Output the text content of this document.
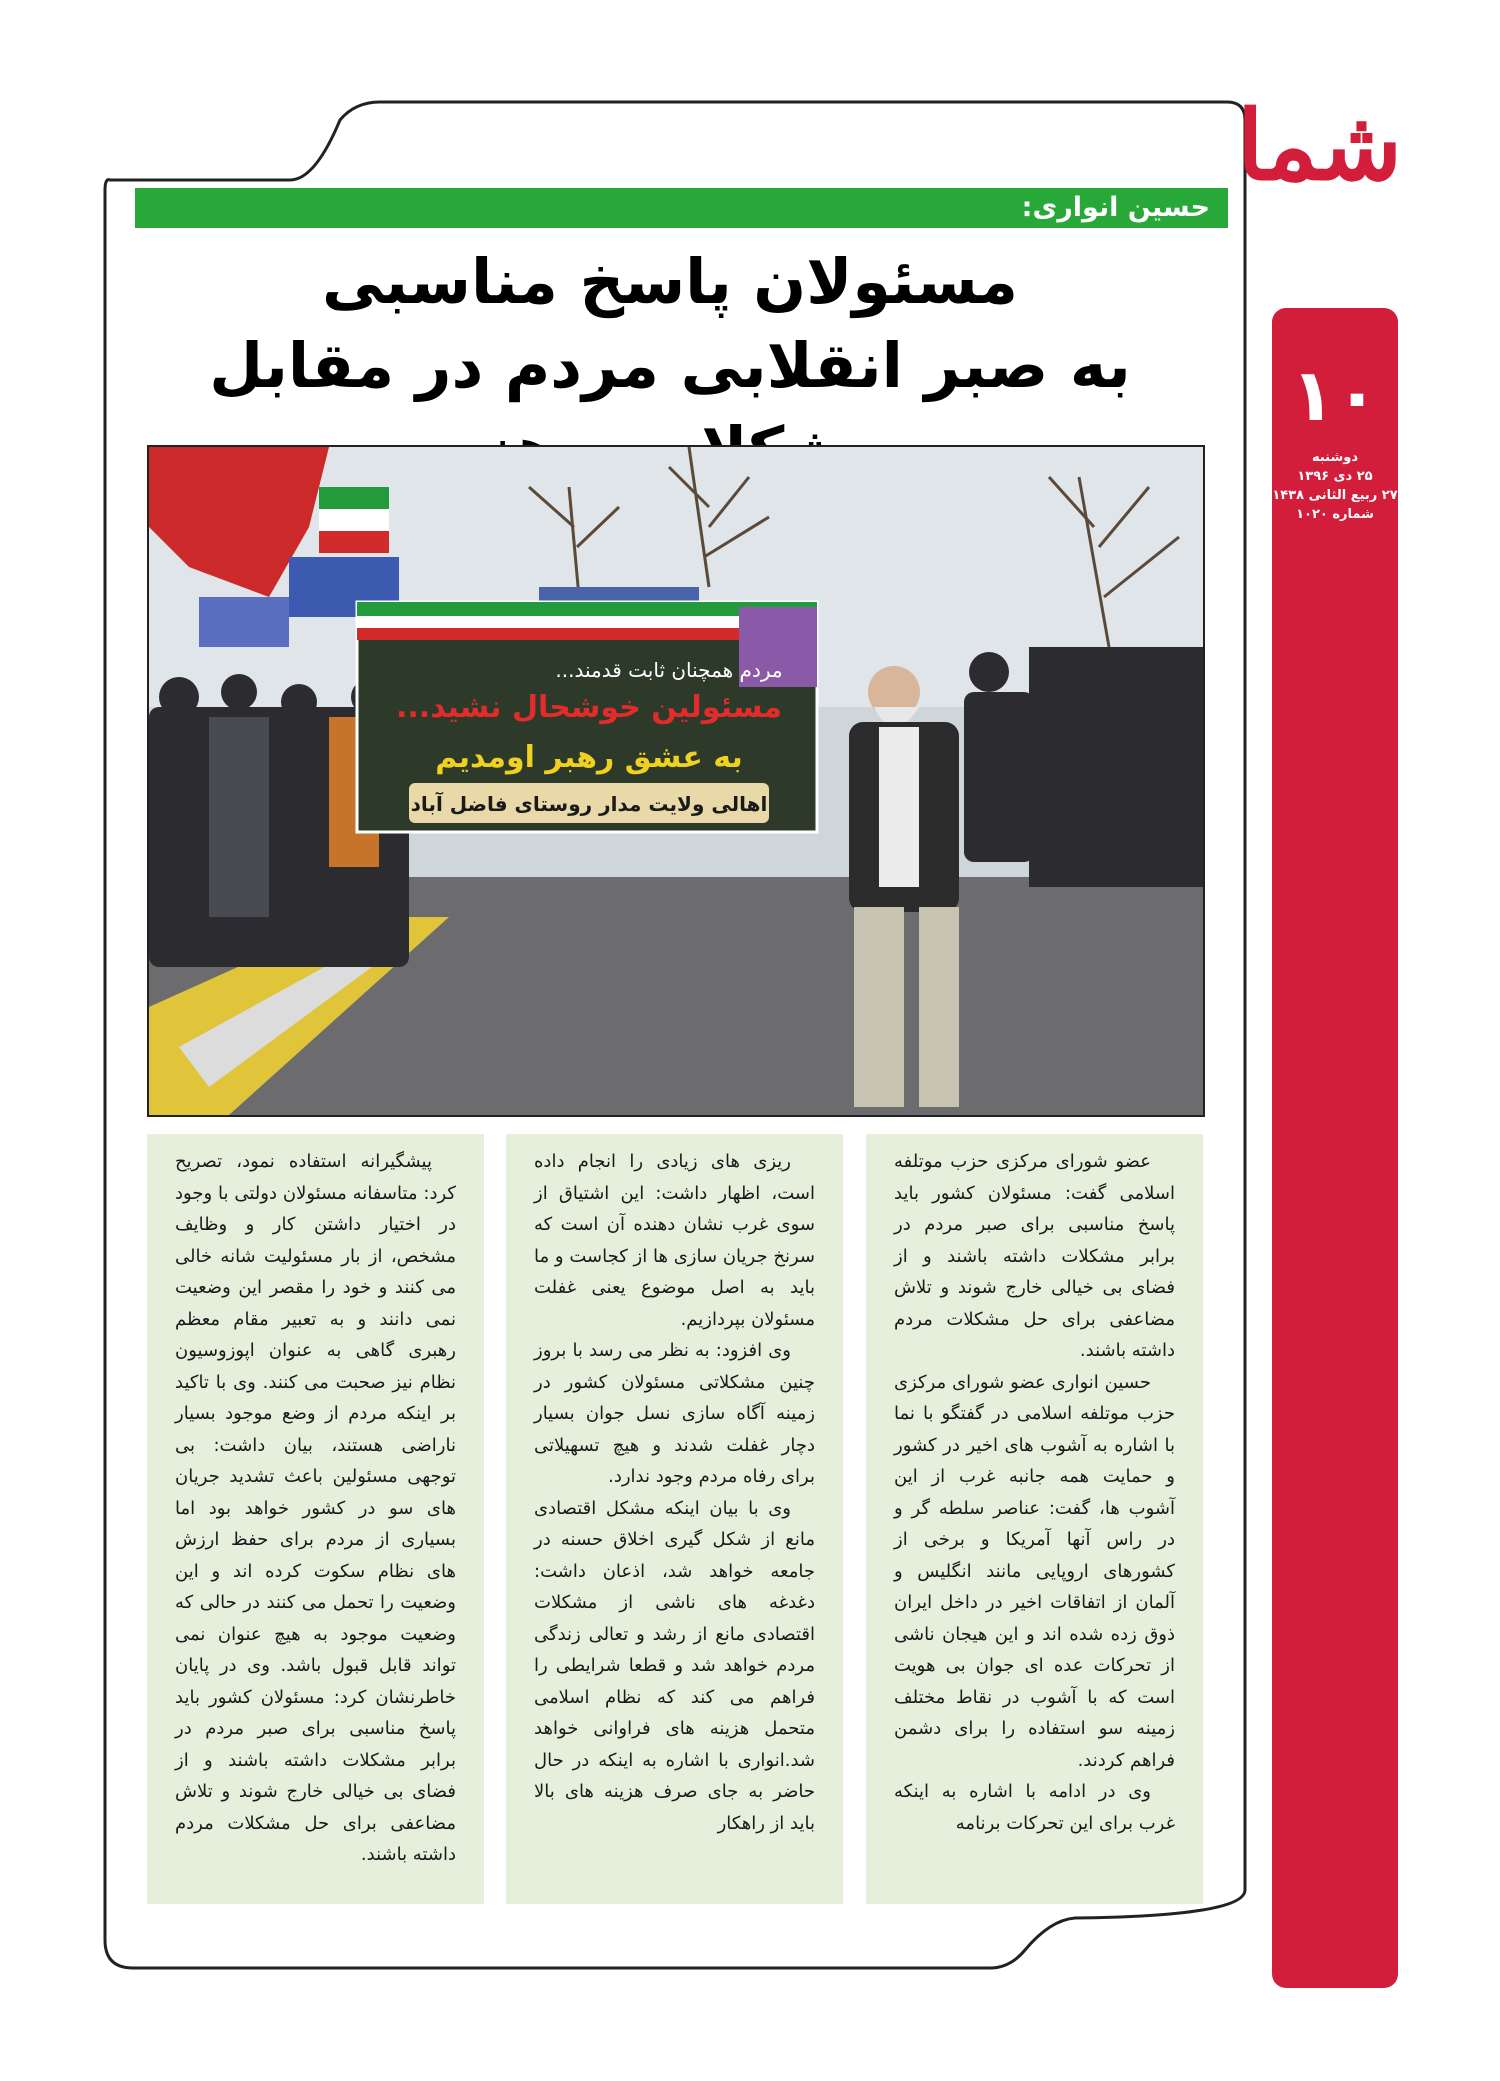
حسین انواری:
مسئولان پاسخ مناسبی
به صبر انقلابی مردم در مقابل
مردم همچنان ثابت قدمند...
مسئولین خوشحال نشید...
به عشق رهبر اومدیم
اهالی ولایت مدار روستای فاضل آباد

عضو شورای مرکزی حزب موتلفه اسلامی گفت: مسئولان کشور باید پاسخ مناسبی برای صبر مردم در برابر مشکلات داشته باشند و از فضای بی خیالی خارج شوند و تلاش مضاعفی برای حل مشکلات مردم داشته باشند.

حسین انواری عضو شورای مرکزی حزب موتلفه اسلامی در گفتگو با نما با اشاره به آشوب های اخیر در کشور و حمایت همه جانبه غرب از این آشوب ها، گفت: عناصر سلطه گر و در راس آنها آمریکا و برخی از کشورهای اروپایی مانند انگلیس و آلمان از اتفاقات اخیر در داخل ایران ذوق زده شده اند و این هیجان ناشی از تحرکات عده ای جوان بی هویت است که با آشوب در نقاط مختلف زمینه سو استفاده را برای دشمن فراهم کردند.

وی در ادامه با اشاره به اینکه غرب برای این تحرکات برنامه

ریزی های زیادی را انجام داده است، اظهار داشت: این اشتیاق از سوی غرب نشان دهنده آن است که سرنخ جریان سازی ها از کجاست و ما باید به اصل موضوع یعنی غفلت مسئولان بپردازیم.

وی افزود: به نظر می رسد با بروز چنین مشکلاتی مسئولان کشور در زمینه آگاه سازی نسل جوان بسیار دچار غفلت شدند و هیچ تسهیلاتی برای رفاه مردم وجود ندارد.

وی با بیان اینکه مشکل اقتصادی مانع از شکل گیری اخلاق حسنه در جامعه خواهد شد، اذعان داشت: دغدغه های ناشی از مشکلات اقتصادی مانع از رشد و تعالی زندگی مردم خواهد شد و قطعا شرایطی را فراهم می کند که نظام اسلامی متحمل هزینه های فراوانی خواهد شد.انواری با اشاره به اینکه در حال حاضر به جای صرف هزینه های بالا باید از راهکار

پیشگیرانه استفاده نمود، تصریح کرد: متاسفانه مسئولان دولتی با وجود در اختیار داشتن کار و وظایف مشخص، از بار مسئولیت شانه خالی می کنند و خود را مقصر این وضعیت نمی دانند و به تعبیر مقام معظم رهبری گاهی به عنوان اپوزوسیون نظام نیز صحبت می کنند. وی با تاکید بر اینکه مردم از وضع موجود بسیار ناراضی هستند، بیان داشت: بی توجهی مسئولین باعث تشدید جریان های سو در کشور خواهد بود اما بسیاری از مردم برای حفظ ارزش های نظام سکوت کرده اند و این وضعیت را تحمل می کنند در حالی که وضعیت موجود به هیچ عنوان نمی تواند قابل قبول باشد. وی در پایان خاطرنشان کرد: مسئولان کشور باید پاسخ مناسبی برای صبر مردم در برابر مشکلات داشته باشند و از فضای بی خیالی خارج شوند و تلاش مضاعفی برای حل مشکلات مردم داشته باشند.

شما
۱۰
دوشنبه
۲۵ دی ۱۳۹۶
۲۷ ربیع الثانی ۱۴۳۸
شماره ۱۰۲۰
